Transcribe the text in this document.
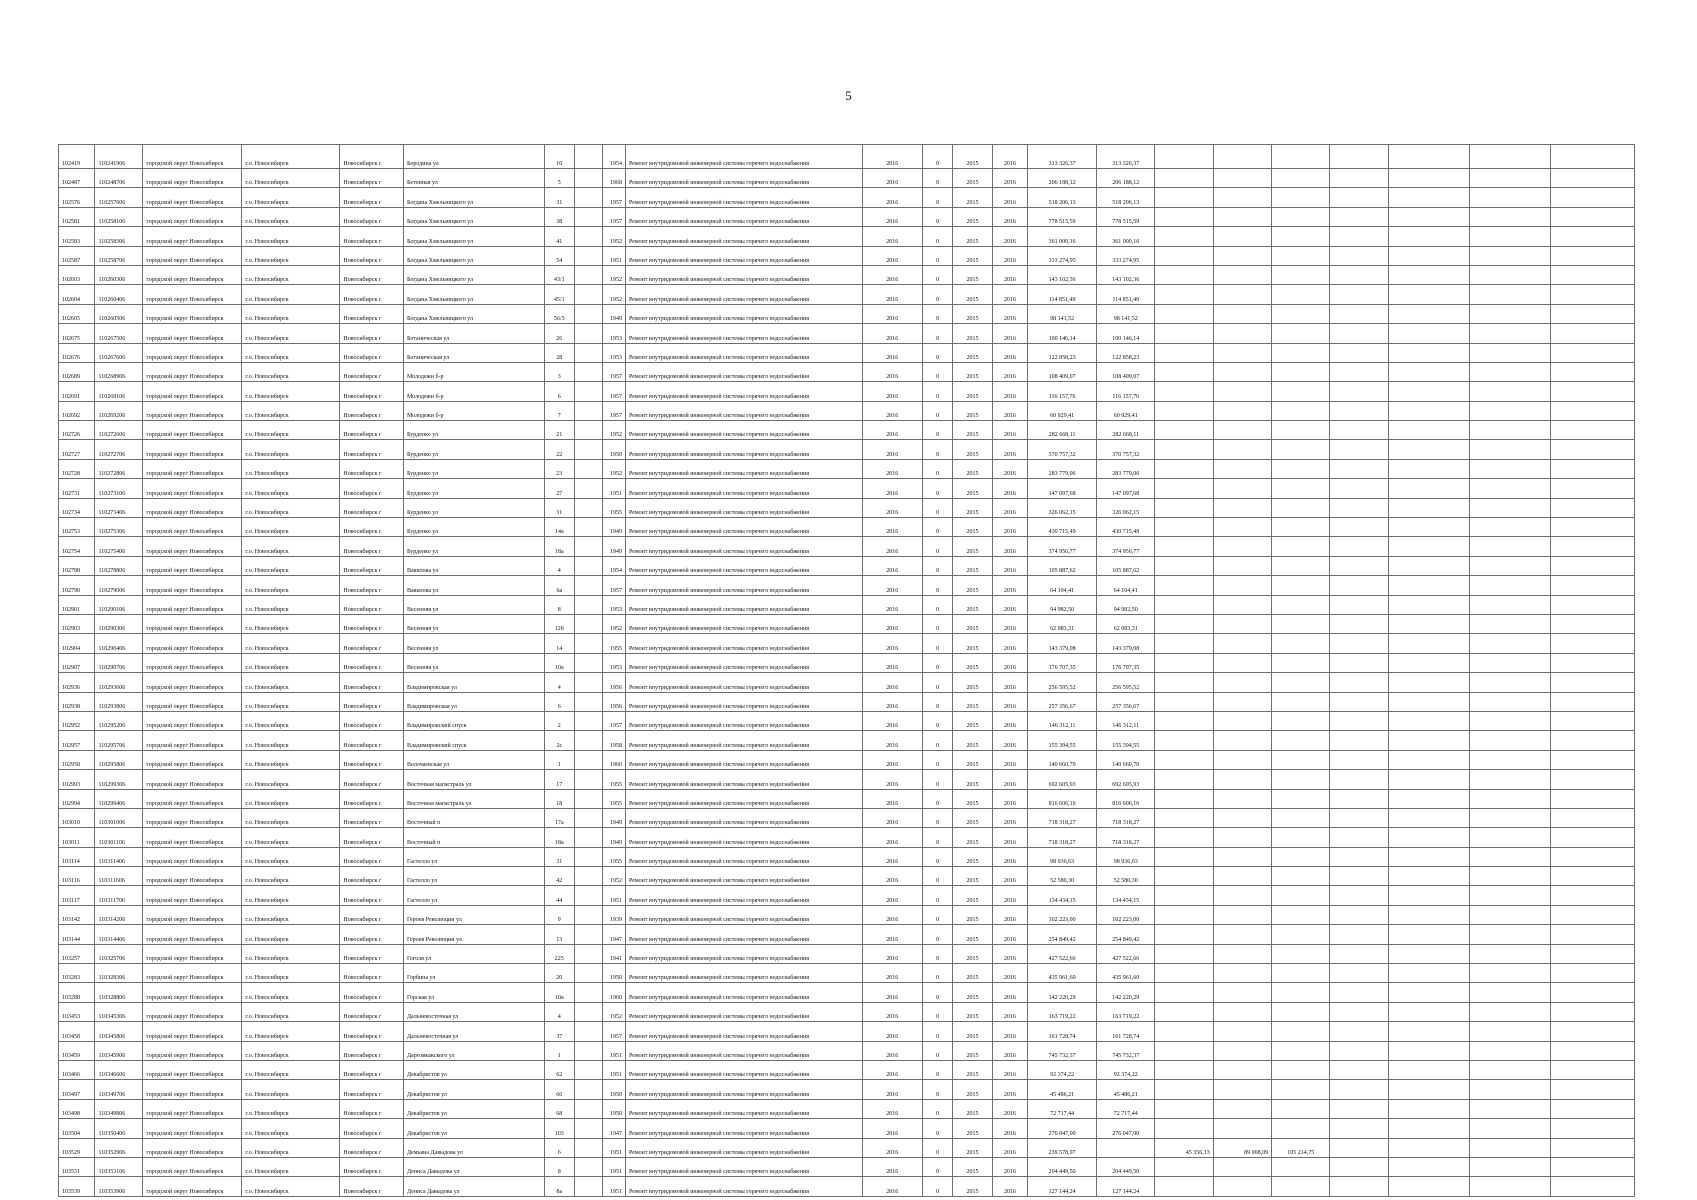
5
102419	110241906	городской округ Новосибирск	г.о. Новосибирск	Новосибирск г	Бородина ул	10		1954	Ремонт внутридомовой инженерной системы горячего водоснабжения	2016	0	2015	2016	313 326,37	313 326,37							
102487	110248706	городской округ Новосибирск	г.о. Новосибирск	Новосибирск г	Бетонная ул	5		1968	Ремонт внутридомовой инженерной системы горячего водоснабжения	2016	0	2015	2016	206 188,12	206 188,12							
102576	110257606	городской округ Новосибирск	г.о. Новосибирск	Новосибирск г	Богдана Хмельницкого ул	31		1957	Ремонт внутридомовой инженерной системы горячего водоснабжения	2016	0	2015	2016	518 206,13	518 206,13							
102581	110258106	городской округ Новосибирск	г.о. Новосибирск	Новосибирск г	Богдана Хмельницкого ул	38		1957	Ремонт внутридомовой инженерной системы горячего водоснабжения	2016	0	2015	2016	778 515,59	778 515,59							
102583	110258306	городской округ Новосибирск	г.о. Новосибирск	Новосибирск г	Богдана Хмельницкого ул	41		1952	Ремонт внутридомовой инженерной системы горячего водоснабжения	2016	0	2015	2016	361 000,16	361 000,16							
102587	110258706	городской округ Новосибирск	г.о. Новосибирск	Новосибирск г	Богдана Хмельницкого ул	54		1951	Ремонт внутридомовой инженерной системы горячего водоснабжения	2016	0	2015	2016	333 274,95	333 274,95							
102603	110260306	городской округ Новосибирск	г.о. Новосибирск	Новосибирск г	Богдана Хмельницкого ул	43/1		1952	Ремонт внутридомовой инженерной системы горячего водоснабжения	2016	0	2015	2016	143 102,36	143 102,36							
102604	110260406	городской округ Новосибирск	г.о. Новосибирск	Новосибирск г	Богдана Хмельницкого ул	45/1		1952	Ремонт внутридомовой инженерной системы горячего водоснабжения	2016	0	2015	2016	114 851,49	114 851,49							
102605	110260506	городской округ Новосибирск	г.о. Новосибирск	Новосибирск г	Богдана Хмельницкого ул	56/3		1949	Ремонт внутридомовой инженерной системы горячего водоснабжения	2016	0	2015	2016	98 141,52	98 141,52							
102675	110267506	городской округ Новосибирск	г.о. Новосибирск	Новосибирск г	Ботаническая ул	26		1953	Ремонт внутридомовой инженерной системы горячего водоснабжения	2016	0	2015	2016	100 146,14	100 146,14							
102676	110267606	городской округ Новосибирск	г.о. Новосибирск	Новосибирск г	Ботаническая ул	28		1953	Ремонт внутридомовой инженерной системы горячего водоснабжения	2016	0	2015	2016	122 858,23	122 858,23							
102689	110268906	городской округ Новосибирск	г.о. Новосибирск	Новосибирск г	Молодежи б-р	3		1957	Ремонт внутридомовой инженерной системы горячего водоснабжения	2016	0	2015	2016	108 409,07	108 409,07							
102691	110269106	городской округ Новосибирск	г.о. Новосибирск	Новосибирск г	Молодежи б-р	6		1957	Ремонт внутридомовой инженерной системы горячего водоснабжения	2016	0	2015	2016	116 157,76	116 157,76							
102692	110269206	городской округ Новосибирск	г.о. Новосибирск	Новосибирск г	Молодежи б-р	7		1957	Ремонт внутридомовой инженерной системы горячего водоснабжения	2016	0	2015	2016	60 929,41	60 929,41							
102726	110272606	городской округ Новосибирск	г.о. Новосибирск	Новосибирск г	Бурденко ул	21		1952	Ремонт внутридомовой инженерной системы горячего водоснабжения	2016	0	2015	2016	282 668,11	282 668,11							
102727	110272706	городской округ Новосибирск	г.о. Новосибирск	Новосибирск г	Бурденко ул	22		1950	Ремонт внутридомовой инженерной системы горячего водоснабжения	2016	0	2015	2016	370 757,32	370 757,32							
102728	110272806	городской округ Новосибирск	г.о. Новосибирск	Новосибирск г	Бурденко ул	23		1952	Ремонт внутридомовой инженерной системы горячего водоснабжения	2016	0	2015	2016	283 779,06	283 779,06							
102731	110273106	городской округ Новосибирск	г.о. Новосибирск	Новосибирск г	Бурденко ул	27		1951	Ремонт внутридомовой инженерной системы горячего водоснабжения	2016	0	2015	2016	147 097,68	147 097,68							
102734	110273406	городской округ Новосибирск	г.о. Новосибирск	Новосибирск г	Бурденко ул	31		1955	Ремонт внутридомовой инженерной системы горячего водоснабжения	2016	0	2015	2016	326 062,15	326 062,15							
102753	110275306	городской округ Новосибирск	г.о. Новосибирск	Новосибирск г	Бурденко ул	14а		1949	Ремонт внутридомовой инженерной системы горячего водоснабжения	2016	0	2015	2016	430 715,49	430 715,49							
102754	110275406	городской округ Новосибирск	г.о. Новосибирск	Новосибирск г	Бурденко ул	18а		1949	Ремонт внутридомовой инженерной системы горячего водоснабжения	2016	0	2015	2016	374 956,77	374 956,77							
102788	110278806	городской округ Новосибирск	г.о. Новосибирск	Новосибирск г	Вавилова ул	4		1954	Ремонт внутридомовой инженерной системы горячего водоснабжения	2016	0	2015	2016	105 887,62	105 887,62							
102790	110279006	городской округ Новосибирск	г.о. Новосибирск	Новосибирск г	Вавилова ул	6а		1957	Ремонт внутридомовой инженерной системы горячего водоснабжения	2016	0	2015	2016	64 104,41	64 104,41							
102901	110290106	городской округ Новосибирск	г.о. Новосибирск	Новосибирск г	Весенняя ул	8		1953	Ремонт внутридомовой инженерной системы горячего водоснабжения	2016	0	2015	2016	94 982,50	94 982,50							
102903	110290306	городской округ Новосибирск	г.о. Новосибирск	Новосибирск г	Весенняя ул	12б		1952	Ремонт внутридомовой инженерной системы горячего водоснабжения	2016	0	2015	2016	62 083,31	62 083,31							
102904	110290406	городской округ Новосибирск	г.о. Новосибирск	Новосибирск г	Весенняя ул	14		1955	Ремонт внутридомовой инженерной системы горячего водоснабжения	2016	0	2015	2016	143 379,08	143 379,08							
102907	110290706	городской округ Новосибирск	г.о. Новосибирск	Новосибирск г	Весенняя ул	10а		1953	Ремонт внутридомовой инженерной системы горячего водоснабжения	2016	0	2015	2016	176 707,35	176 707,35							
102936	110293606	городской округ Новосибирск	г.о. Новосибирск	Новосибирск г	Владимировская ул	4		1956	Ремонт внутридомовой инженерной системы горячего водоснабжения	2016	0	2015	2016	256 595,52	256 595,52							
102938	110293806	городской округ Новосибирск	г.о. Новосибирск	Новосибирск г	Владимировская ул	6		1956	Ремонт внутридомовой инженерной системы горячего водоснабжения	2016	0	2015	2016	257 356,67	257 356,67							
102952	110295206	городской округ Новосибирск	г.о. Новосибирск	Новосибирск г	Владимировский спуск	2		1957	Ремонт внутридомовой инженерной системы горячего водоснабжения	2016	0	2015	2016	146 312,11	146 312,11							
102957	110295706	городской округ Новосибирск	г.о. Новосибирск	Новосибирск г	Владимировский спуск	2с		1958	Ремонт внутридомовой инженерной системы горячего водоснабжения	2016	0	2015	2016	155 394,55	155 394,55							
102958	110295806	городской округ Новосибирск	г.о. Новосибирск	Новосибирск г	Волочаевская ул	1		1960	Ремонт внутридомовой инженерной системы горячего водоснабжения	2016	0	2015	2016	140 660,70	140 660,70							
102993	110299306	городской округ Новосибирск	г.о. Новосибирск	Новосибирск г	Восточная магистраль ул	17		1955	Ремонт внутридомовой инженерной системы горячего водоснабжения	2016	0	2015	2016	692 605,93	692 605,93							
102994	110299406	городской округ Новосибирск	г.о. Новосибирск	Новосибирск г	Восточная магистраль ул	18		1955	Ремонт внутридомовой инженерной системы горячего водоснабжения	2016	0	2015	2016	816 606,16	816 606,16							
103010	110301006	городской округ Новосибирск	г.о. Новосибирск	Новосибирск г	Восточный п	17а		1949	Ремонт внутридомовой инженерной системы горячего водоснабжения	2016	0	2015	2016	718 318,27	718 318,27							
103011	110301106	городской округ Новосибирск	г.о. Новосибирск	Новосибирск г	Восточный п	18а		1949	Ремонт внутридомовой инженерной системы горячего водоснабжения	2016	0	2015	2016	718 318,27	718 318,27							
103114	110311406	городской округ Новосибирск	г.о. Новосибирск	Новосибирск г	Гастелло ул	31		1955	Ремонт внутридомовой инженерной системы горячего водоснабжения	2016	0	2015	2016	98 936,63	98 936,63							
103116	110311606	городской округ Новосибирск	г.о. Новосибирск	Новосибирск г	Гастелло ул	42		1952	Ремонт внутридомовой инженерной системы горячего водоснабжения	2016	0	2015	2016	52 580,30	52 580,30							
103117	110311706	городской округ Новосибирск	г.о. Новосибирск	Новосибирск г	Гастелло ул	44		1951	Ремонт внутридомовой инженерной системы горячего водоснабжения	2016	0	2015	2016	134 434,15	134 434,15							
103142	110314206	городской округ Новосибирск	г.о. Новосибирск	Новосибирск г	Героев Революции ул	9		1939	Ремонт внутридомовой инженерной системы горячего водоснабжения	2016	0	2015	2016	102 223,00	102 223,00							
103144	110314406	городской округ Новосибирск	г.о. Новосибирск	Новосибирск г	Героев Революции ул	13		1947	Ремонт внутридомовой инженерной системы горячего водоснабжения	2016	0	2015	2016	254 849,42	254 849,42							
103257	110325706	городской округ Новосибирск	г.о. Новосибирск	Новосибирск г	Гоголя ул	225		1941	Ремонт внутридомовой инженерной системы горячего водоснабжения	2016	0	2015	2016	427 522,66	427 522,66							
103283	110328306	городской округ Новосибирск	г.о. Новосибирск	Новосибирск г	Горбина ул	20		1950	Ремонт внутридомовой инженерной системы горячего водоснабжения	2016	0	2015	2016	435 961,60	435 961,60							
103288	110328806	городской округ Новосибирск	г.о. Новосибирск	Новосибирск г	Горская ул	10а		1960	Ремонт внутридомовой инженерной системы горячего водоснабжения	2016	0	2015	2016	142 220,29	142 220,29							
103453	110345306	городской округ Новосибирск	г.о. Новосибирск	Новосибирск г	Дальневосточная ул	4		1952	Ремонт внутридомовой инженерной системы горячего водоснабжения	2016	0	2015	2016	163 719,22	163 719,22							
103458	110345806	городской округ Новосибирск	г.о. Новосибирск	Новосибирск г	Дальневосточная ул	37		1957	Ремонт внутридомовой инженерной системы горячего водоснабжения	2016	0	2015	2016	161 728,74	161 728,74							
103459	110345906	городской округ Новосибирск	г.о. Новосибирск	Новосибирск г	Даргомыжского ул	1		1951	Ремонт внутридомовой инженерной системы горячего водоснабжения	2016	0	2015	2016	745 732,37	745 732,37							
103466	110346606	городской округ Новосибирск	г.о. Новосибирск	Новосибирск г	Декабристов ул	62		1951	Ремонт внутридомовой инженерной системы горячего водоснабжения	2016	0	2015	2016	92 374,22	92 374,22							
103497	110349706	городской округ Новосибирск	г.о. Новосибирск	Новосибирск г	Декабристов ул	66		1950	Ремонт внутридомовой инженерной системы горячего водоснабжения	2016	0	2015	2016	45 486,21	45 486,21							
103498	110349806	городской округ Новосибирск	г.о. Новосибирск	Новосибирск г	Декабристов ул	68		1950	Ремонт внутридомовой инженерной системы горячего водоснабжения	2016	0	2015	2016	72 717,44	72 717,44							
103504	110350406	городской округ Новосибирск	г.о. Новосибирск	Новосибирск г	Декабристов ул	103		1947	Ремонт внутридомовой инженерной системы горячего водоснабжения	2016	0	2015	2016	276 047,00	276 047,00							
103529	110352906	городской округ Новосибирск	г.о. Новосибирск	Новосибирск г	Демьяна Давыдова ул	6		1951	Ремонт внутридомовой инженерной системы горячего водоснабжения	2016	0	2015	2016	239 578,97		45 356,13	89 008,09	105 214,75				
103531	110353106	городской округ Новосибирск	г.о. Новосибирск	Новосибирск г	Дениса Давыдова ул	8		1951	Ремонт внутридомовой инженерной системы горячего водоснабжения	2016	0	2015	2016	204 449,50	204 449,50							
103539	110353906	городской округ Новосибирск	г.о. Новосибирск	Новосибирск г	Дениса Давыдова ул	8а		1951	Ремонт внутридомовой инженерной системы горячего водоснабжения	2016	0	2015	2016	127 144,24	127 144,24							
